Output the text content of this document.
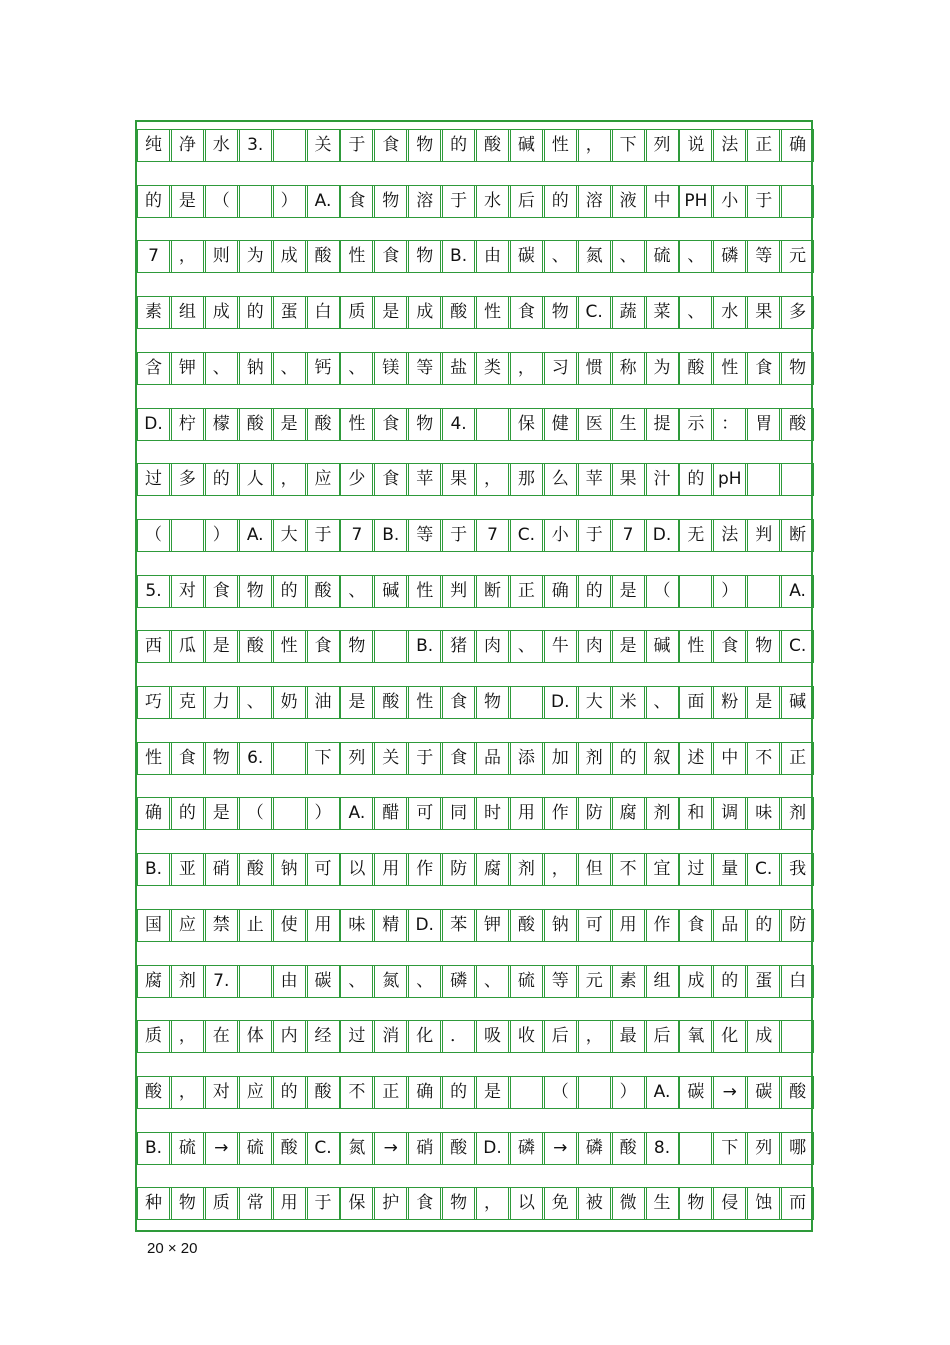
纯 净 水	3.	关 于 食 物 的 酸 碱 性 ， 下 列 说 法 正 确
的 是 （	）	A.	食 物 溶 于 水 后 的 溶 液 中 PH 小 于
7	， 则 为 成 酸 性 食 物 B. 由 碳 、 氮 、 硫 、 磷 等 元
素 组 成 的 蛋 白 质 是 成 酸 性 食 物 C. 蔬 菜 、 水 果 多
含 钾 、 钠 、 钙 、 镁 等 盐 类 ， 习 惯 称 为 酸 性 食 物
D. 柠 檬 酸 是 酸 性 食 物	4.	保 健 医 生 提 示 ： 胃 酸
过 多 的 人 ， 应 少 食 苹 果 ， 那 么 苹 果 汁 的 pH
（	）	A.	大 于	7	B. 等 于	7	C. 小 于	7	D. 无 法 判 断
5.	对 食 物 的 酸 、 碱 性 判 断 正 确 的 是 （	）	A.
西 瓜 是 酸 性 食 物	B. 猪 肉 、 牛 肉 是 碱 性 食 物 C.
巧 克 力 、 奶 油 是 酸 性 食 物	D. 大 米 、 面 粉 是 碱
性 食 物	6.	下 列 关 于 食 品 添 加 剂 的 叙 述 中 不 正
确 的 是 （	）	A.	醋 可 同 时 用 作 防 腐 剂 和 调 味 剂
B. 亚 硝 酸 钠 可 以 用 作 防 腐 剂 ， 但 不 宜 过 量 C. 我
国 应 禁 止 使 用 味 精 D. 苯 钾 酸 钠 可 用 作 食 品 的 防
腐 剂	7.	由 碳 、 氮 、 磷 、 硫 等 元 素 组 成 的 蛋 白
质 ， 在 体 内 经 过 消 化 ． 吸 收 后 ， 最 后 氧 化 成
酸 ， 对 应 的 酸 不 正 确 的 是	（	）	A.	碳	→	碳 酸
B. 硫	→	硫 酸 C. 氮	→	硝 酸 D. 磷	→	磷 酸	8.	下 列 哪
种 物 质 常 用 于 保 护 食 物 ， 以 免 被 微 生 物 侵 蚀 而
20 × 20
